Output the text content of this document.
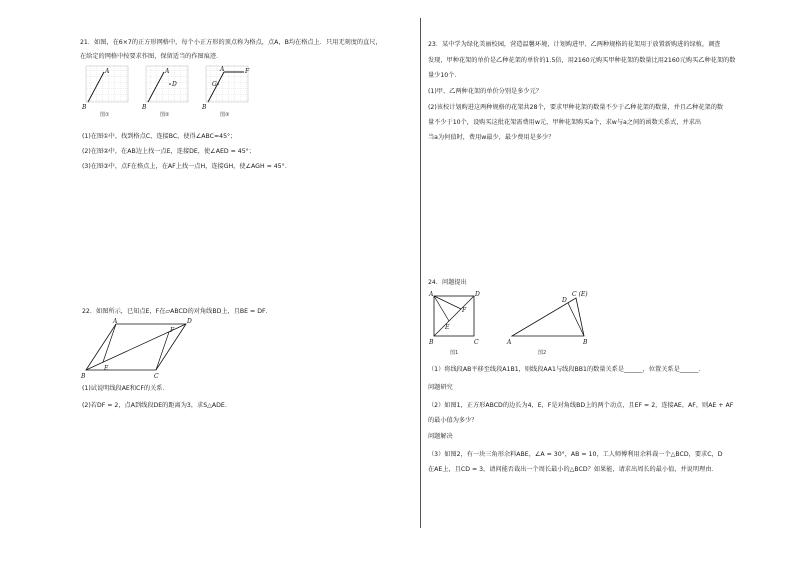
21．如图，在6×7的正方形网格中，每个小正方形的顶点称为格点，点A，B均在格点上．只用无刻度的直尺，
在给定的网格中按要求作图，保留适当的作图痕迹．
A
B
图①
A
D
B
图②
A	F
G
B
图③
(1)在图①中，找到格点C，连接BC，使得∠ABC=45°；
(2)在图②中，在AB边上找一点E，连接DE，使∠AED = 45°；
(3)在图③中，点F在格点上，在AF上找一点H，连接GH，使∠AGH = 45°．
22．如图所示，已知点E，F在▱ABCD的对角线BD上，且BE = DF．
A	D
B	C
E
F
(1)试说明线段AE和CF的关系．
(2)若DF = 2，点A到线段DE的距离为3，求S△ADE．
23．某中学为绿化美丽校园，营造温馨环境，计划购进甲、乙两种规格的花架用于放置新购进的绿植，调查
发现，甲种花架的单价是乙种花架的单价的1.5倍，用2160元购买甲种花架的数量比用2160元购买乙种花架的数
量少10个．
(1)甲、乙两种花架的单价分别是多少元？
(2)该校计划购进这两种规格的花架共28个，要求甲种花架的数量不少于乙种花架的数量，并且乙种花架的数
量不少于10个，设购买这批花架需费用w元，甲种花架购买a个，求w与a之间的函数关系式，并求出
当a为何值时，费用w最少，最少费用是多少？
24．问题提出
A	D
B	C
E
F
图1
A	B
C (E)
D
图2
（1）将线段AB平移至线段A1B1，则线段AA1与线段BB1的数量关系是______，位置关系是______．
问题研究
（2）如图1，正方形ABCD的边长为4，E，F是对角线BD上的两个动点，且EF = 2，连接AE，AF，则AE + AF
的最小值为多少？
问题解决
（3）如图2，有一块三角形余料ABE，∠A = 30°，AB = 10，工人师傅利用余料裁一个△BCD，要求C，D
在AE上，且CD = 3，请问能否裁出一个周长最小的△BCD？如果能，请求出周长的最小值，并说明理由．
